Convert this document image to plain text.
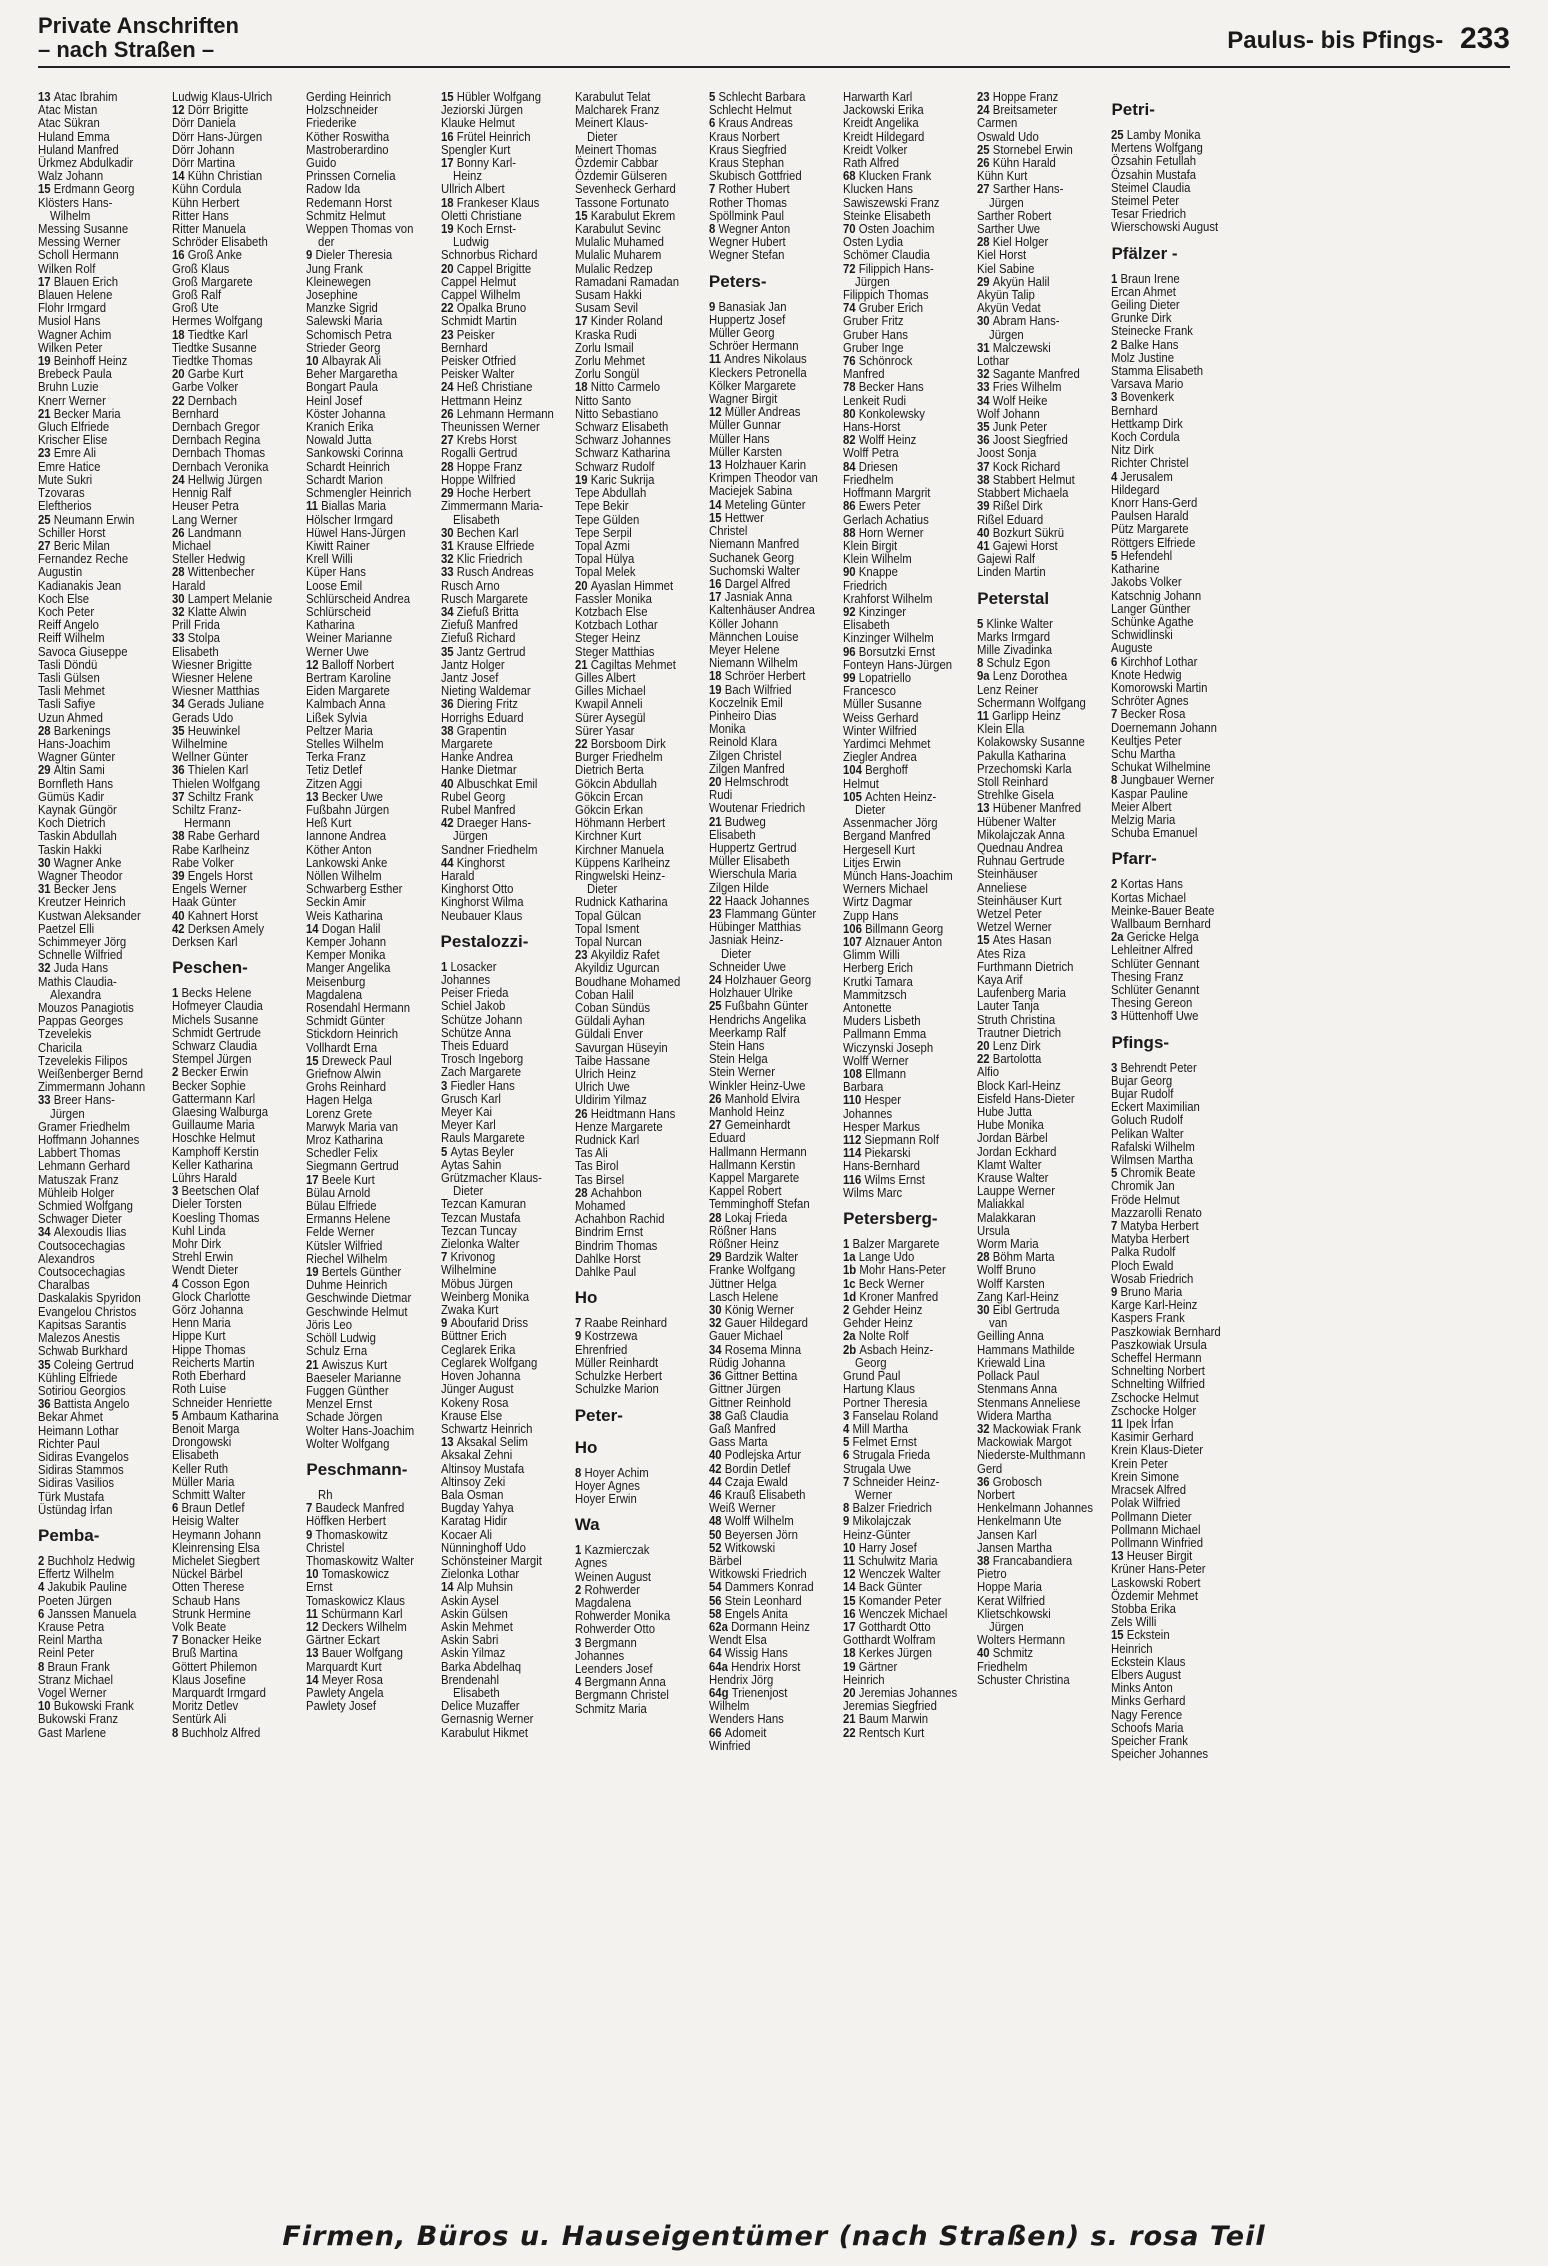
Private Anschriften
– nach Straßen –	Paulus- bis Pfings- 233
13 Atac Ibrahim
Atac Mistan
Atac Sükran
Huland Emma
Huland Manfred
Ürkmez Abdulkadir
Walz Johann
15 Erdmann Georg
Klösters Hans-
Wilhelm
Messing Susanne
Messing Werner
Scholl Hermann
Wilken Rolf
17 Blauen Erich
Blauen Helene
Flohr Irmgard
Musiol Hans
Wagner Achim
Wilken Peter
19 Beinhoff Heinz
Brebeck Paula
Bruhn Luzie
Knerr Werner
21 Becker Maria
Gluch Elfriede
Krischer Elise
23 Emre Ali
Emre Hatice
Mute Sukri
Tzovaras
Eleftherios
25 Neumann Erwin
Schiller Horst
27 Beric Milan
Fernandez Reche
Augustin
Kadianakis Jean
Koch Else
Koch Peter
Reiff Angelo
Reiff Wilhelm
Savoca Giuseppe
Tasli Döndü
Tasli Gülsen
Tasli Mehmet
Tasli Safiye
Uzun Ahmed
28 Barkenings
Hans-Joachim
Wagner Günter
29 Altin Sami
Bornfleth Hans
Gümüs Kadir
Kaynak Güngör
Koch Dietrich
Taskin Abdullah
Taskin Hakki
30 Wagner Anke
Wagner Theodor
31 Becker Jens
Kreutzer Heinrich
Kustwan Aleksander
Paetzel Elli
Schimmeyer Jörg
Schnelle Wilfried
32 Juda Hans
Mathis Claudia-
Alexandra
Mouzos Panagiotis
Pappas Georges
Tzevelekis
Charicila
Tzevelekis Filipos
Weißenberger Bernd
Zimmermann Johann
33 Breer Hans-
Jürgen
Gramer Friedhelm
Hoffmann Johannes
Labbert Thomas
Lehmann Gerhard
Matuszak Franz
Mühleib Holger
Schmied Wolfgang
Schwager Dieter
34 Alexoudis Ilias
Coutsocechagias
Alexandros
Coutsocechagias
Charalbas
Daskalakis Spyridon
Evangelou Christos
Kapitsas Sarantis
Malezos Anestis
Schwab Burkhard
35 Coleing Gertrud
Kühling Elfriede
Sotiriou Georgios
36 Battista Angelo
Bekar Ahmet
Heimann Lothar
Richter Paul
Sidiras Evangelos
Sidiras Stammos
Sidiras Vasilios
Türk Mustafa
Üstündag İrfan
Pemba-
2 Buchholz Hedwig
Effertz Wilhelm
4 Jakubik Pauline
Poeten Jürgen
6 Janssen Manuela
Krause Petra
Reinl Martha
Reinl Peter
8 Braun Frank
Stranz Michael
Vogel Werner
10 Bukowski Frank
Bukowski Franz
Gast Marlene
Ludwig Klaus-Ulrich
12 Dörr Brigitte
Dörr Daniela
Dörr Hans-Jürgen
Dörr Johann
Dörr Martina
14 Kühn Christian
Kühn Cordula
Kühn Herbert
Ritter Hans
Ritter Manuela
Schröder Elisabeth
16 Groß Anke
Groß Klaus
Groß Margarete
Groß Ralf
Groß Ute
Hermes Wolfgang
18 Tiedtke Karl
Tiedtke Susanne
Tiedtke Thomas
20 Garbe Kurt
Garbe Volker
22 Dernbach
Bernhard
Dernbach Gregor
Dernbach Regina
Dernbach Thomas
Dernbach Veronika
24 Hellwig Jürgen
Hennig Ralf
Heuser Petra
Lang Werner
26 Landmann
Michael
Steller Hedwig
28 Wittenbecher
Harald
30 Lampert Melanie
32 Klatte Alwin
Prill Frida
33 Stolpa
Elisabeth
Wiesner Brigitte
Wiesner Helene
Wiesner Matthias
34 Gerads Juliane
Gerads Udo
35 Heuwinkel
Wilhelmine
Wellner Günter
36 Thielen Karl
Thielen Wolfgang
37 Schiltz Frank
Schiltz Franz-
Hermann
38 Rabe Gerhard
Rabe Karlheinz
Rabe Volker
39 Engels Horst
Engels Werner
Haak Günter
40 Kahnert Horst
42 Derksen Amely
Derksen Karl
Peschen-
1 Becks Helene
Hofmeyer Claudia
Michels Susanne
Schmidt Gertrude
Schwarz Claudia
Stempel Jürgen
2 Becker Erwin
Becker Sophie
Gattermann Karl
Glaesing Walburga
Guillaume Maria
Hoschke Helmut
Kamphoff Kerstin
Keller Katharina
Lührs Harald
3 Beetschen Olaf
Dieler Torsten
Koesling Thomas
Kuhl Linda
Mohr Dirk
Strehl Erwin
Wendt Dieter
4 Cosson Egon
Glock Charlotte
Görz Johanna
Henn Maria
Hippe Kurt
Hippe Thomas
Reicherts Martin
Roth Eberhard
Roth Luise
Schneider Henriette
5 Ambaum Katharina
Benoit Marga
Drongowski
Elisabeth
Keller Ruth
Müller Maria
Schmitt Walter
6 Braun Detlef
Heisig Walter
Heymann Johann
Kleinrensing Elsa
Michelet Siegbert
Nückel Bärbel
Otten Therese
Schaub Hans
Strunk Hermine
Volk Beate
7 Bonacker Heike
Bruß Martina
Göttert Philemon
Klaus Josefine
Marquardt Irmgard
Moritz Detlev
Sentürk Ali
8 Buchholz Alfred
Gerding Heinrich
Holzschneider
Friederike
Köther Roswitha
Mastroberardino
Guido
Prinssen Cornelia
Radow Ida
Redemann Horst
Schmitz Helmut
Weppen Thomas von
der
9 Dieler Theresia
Jung Frank
Kleinewegen
Josephine
Manzke Sigrid
Salewski Maria
Schomisch Petra
Strieder Georg
10 Albayrak Ali
Beher Margaretha
Bongart Paula
Heinl Josef
Köster Johanna
Kranich Erika
Nowald Jutta
Sankowski Corinna
Schardt Heinrich
Schardt Marion
Schmengler Heinrich
11 Biallas Maria
Hölscher Irmgard
Hüwel Hans-Jürgen
Kiwitt Rainer
Krell Willi
Küper Hans
Loose Emil
Schlürscheid Andrea
Schlürscheid
Katharina
Weiner Marianne
Werner Uwe
12 Balloff Norbert
Bertram Karoline
Eiden Margarete
Kalmbach Anna
Lißek Sylvia
Peltzer Maria
Stelles Wilhelm
Terka Franz
Tetiz Detlef
Zitzen Aggi
13 Becker Uwe
Fußbahn Jürgen
Heß Kurt
Iannone Andrea
Köther Anton
Lankowski Anke
Nöllen Wilhelm
Schwarberg Esther
Seckin Amir
Weis Katharina
14 Dogan Halil
Kemper Johann
Kemper Monika
Manger Angelika
Meisenburg
Magdalena
Rosendahl Hermann
Schmidt Günter
Stickdorn Heinrich
Vollhardt Erna
15 Dreweck Paul
Griefnow Alwin
Grohs Reinhard
Hagen Helga
Lorenz Grete
Marwyk Maria van
Mroz Katharina
Schedler Felix
Siegmann Gertrud
17 Beele Kurt
Bülau Arnold
Bülau Elfriede
Ermanns Helene
Felde Werner
Kütsler Wilfried
Riechel Wilhelm
19 Bertels Günther
Duhme Heinrich
Geschwinde Dietmar
Geschwinde Helmut
Jöris Leo
Schöll Ludwig
Schulz Erna
21 Awiszus Kurt
Baeseler Marianne
Fuggen Günther
Menzel Ernst
Schade Jörgen
Wolter Hans-Joachim
Wolter Wolfgang
Peschmann-
Rh
7 Baudeck Manfred
Höffken Herbert
9 Thomaskowitz
Christel
Thomaskowitz Walter
10 Tomaskowicz
Ernst
Tomaskowicz Klaus
11 Schürmann Karl
12 Deckers Wilhelm
Gärtner Eckart
13 Bauer Wolfgang
Marquardt Kurt
14 Meyer Rosa
Pawlety Angela
Pawlety Josef
15 Hübler Wolfgang
Jeziorski Jürgen
Klauke Helmut
16 Frütel Heinrich
Spengler Kurt
17 Bonny Karl-
Heinz
Ullrich Albert
18 Frankeser Klaus
Oletti Christiane
19 Koch Ernst-
Ludwig
Schnorbus Richard
20 Cappel Brigitte
Cappel Helmut
Cappel Wilhelm
22 Opalka Bruno
Schmidt Martin
23 Peisker
Bernhard
Peisker Otfried
Peisker Walter
24 Heß Christiane
Hettmann Heinz
26 Lehmann Hermann
Theunissen Werner
27 Krebs Horst
Rogalli Gertrud
28 Hoppe Franz
Hoppe Wilfried
29 Hoche Herbert
Zimmermann Maria-
Elisabeth
30 Bechen Karl
31 Krause Elfriede
32 Klic Friedrich
33 Rusch Andreas
Rusch Arno
Rusch Margarete
34 Ziefuß Britta
Ziefuß Manfred
Ziefuß Richard
35 Jantz Gertrud
Jantz Holger
Jantz Josef
Nieting Waldemar
36 Diering Fritz
Horrighs Eduard
38 Grapentin
Margarete
Hanke Andrea
Hanke Dietmar
40 Albuschkat Emil
Rubel Georg
Rubel Manfred
42 Draeger Hans-
Jürgen
Sandner Friedhelm
44 Kinghorst
Harald
Kinghorst Otto
Kinghorst Wilma
Neubauer Klaus
Pestalozzi-
1 Losacker
Johannes
Peiser Frieda
Schiel Jakob
Schütze Johann
Schütze Anna
Theis Eduard
Trosch Ingeborg
Zach Margarete
3 Fiedler Hans
Grusch Karl
Meyer Kai
Meyer Karl
Rauls Margarete
5 Aytas Beyler
Aytas Sahin
Grützmacher Klaus-
Dieter
Tezcan Kamuran
Tezcan Mustafa
Tezcan Tuncay
Zielonka Walter
7 Krivonog
Wilhelmine
Möbus Jürgen
Weinberg Monika
Zwaka Kurt
9 Aboufarid Driss
Büttner Erich
Ceglarek Erika
Ceglarek Wolfgang
Hoven Johanna
Jünger August
Kokeny Rosa
Krause Else
Schwartz Heinrich
13 Aksakal Selim
Aksakal Zehni
Altinsoy Mustafa
Altinsoy Zeki
Bala Osman
Bugday Yahya
Karatag Hidir
Kocaer Ali
Nünninghoff Udo
Schönsteiner Margit
Zielonka Lothar
14 Alp Muhsin
Askin Aysel
Askin Gülsen
Askin Mehmet
Askin Sabri
Askin Yilmaz
Barka Abdelhaq
Brendenahl
Elisabeth
Delice Muzaffer
Gernasnig Werner
Karabulut Hikmet
Karabulut Telat
Malcharek Franz
Meinert Klaus-
Dieter
Meinert Thomas
Özdemir Cabbar
Özdemir Gülseren
Sevenheck Gerhard
Tassone Fortunato
15 Karabulut Ekrem
Karabulut Sevinc
Mulalic Muhamed
Mulalic Muharem
Mulalic Redzep
Ramadani Ramadan
Susam Hakki
Susam Sevil
17 Kinder Roland
Kraska Rudi
Zorlu Ismail
Zorlu Mehmet
Zorlu Songül
18 Nitto Carmelo
Nitto Santo
Nitto Sebastiano
Schwarz Elisabeth
Schwarz Johannes
Schwarz Katharina
Schwarz Rudolf
19 Karic Sukrija
Tepe Abdullah
Tepe Bekir
Tepe Gülden
Tepe Serpil
Topal Azmi
Topal Hülya
Topal Melek
20 Ayaslan Himmet
Fassler Monika
Kotzbach Else
Kotzbach Lothar
Steger Heinz
Steger Matthias
21 Cagiltas Mehmet
Gilles Albert
Gilles Michael
Kwapil Anneli
Sürer Aysegül
Sürer Yasar
22 Borsboom Dirk
Burger Friedhelm
Dietrich Berta
Gökcin Abdullah
Gökcin Ercan
Gökcin Erkan
Höhmann Herbert
Kirchner Kurt
Kirchner Manuela
Küppens Karlheinz
Ringwelski Heinz-
Dieter
Rudnick Katharina
Topal Gülcan
Topal Isment
Topal Nurcan
23 Akyildiz Rafet
Akyildiz Ugurcan
Boudhane Mohamed
Coban Halil
Coban Sündüs
Güldali Ayhan
Güldali Enver
Savurgan Hüseyin
Taibe Hassane
Ulrich Heinz
Ulrich Uwe
Uldirim Yilmaz
26 Heidtmann Hans
Henze Margarete
Rudnick Karl
Tas Ali
Tas Birol
Tas Birsel
28 Achahbon
Mohamed
Achahbon Rachid
Bindrim Ernst
Bindrim Thomas
Dahlke Horst
Dahlke Paul
Ho
7 Raabe Reinhard
9 Kostrzewa
Ehrenfried
Müller Reinhardt
Schulzke Herbert
Schulzke Marion
Peter-
Ho
8 Hoyer Achim
Hoyer Agnes
Hoyer Erwin
Wa
1 Kazmierczak
Agnes
Weinen August
2 Rohwerder
Magdalena
Rohwerder Monika
Rohwerder Otto
3 Bergmann
Johannes
Leenders Josef
4 Bergmann Anna
Bergmann Christel
Schmitz Maria
5 Schlecht Barbara
Schlecht Helmut
6 Kraus Andreas
Kraus Norbert
Kraus Siegfried
Kraus Stephan
Skubisch Gottfried
7 Rother Hubert
Rother Thomas
Spöllmink Paul
8 Wegner Anton
Wegner Hubert
Wegner Stefan
Peters-
9 Banasiak Jan
Huppertz Josef
Müller Georg
Schröer Hermann
11 Andres Nikolaus
Kleckers Petronella
Kölker Margarete
Wagner Birgit
12 Müller Andreas
Müller Gunnar
Müller Hans
Müller Karsten
13 Holzhauer Karin
Krimpen Theodor van
Maciejek Sabina
14 Meteling Günter
15 Hettwer
Christel
Niemann Manfred
Suchanek Georg
Suchomski Walter
16 Dargel Alfred
17 Jasniak Anna
Kaltenhäuser Andrea
Köller Johann
Männchen Louise
Meyer Helene
Niemann Wilhelm
18 Schröer Herbert
19 Bach Wilfried
Koczelnik Emil
Pinheiro Dias
Monika
Reinold Klara
Zilgen Christel
Zilgen Manfred
20 Helmschrodt
Rudi
Woutenar Friedrich
21 Budweg
Elisabeth
Huppertz Gertrud
Müller Elisabeth
Wierschula Maria
Zilgen Hilde
22 Haack Johannes
23 Flammang Günter
Hübinger Matthias
Jasniak Heinz-
Dieter
Schneider Uwe
24 Holzhauer Georg
Holzhauer Ulrike
25 Fußbahn Günter
Hendrichs Angelika
Meerkamp Ralf
Stein Hans
Stein Helga
Stein Werner
Winkler Heinz-Uwe
26 Manhold Elvira
Manhold Heinz
27 Gemeinhardt
Eduard
Hallmann Hermann
Hallmann Kerstin
Kappel Margarete
Kappel Robert
Temminghoff Stefan
28 Lokaj Frieda
Rößner Hans
Rößner Heinz
29 Bardzik Walter
Franke Wolfgang
Jüttner Helga
Lasch Helene
30 König Werner
32 Gauer Hildegard
Gauer Michael
34 Rosema Minna
Rüdig Johanna
36 Gittner Bettina
Gittner Jürgen
Gittner Reinhold
38 Gaß Claudia
Gaß Manfred
Gass Marta
40 Podlejska Artur
42 Bordin Detlef
44 Czaja Ewald
46 Krauß Elisabeth
Weiß Werner
48 Wolff Wilhelm
50 Beyersen Jörn
52 Witkowski
Bärbel
Witkowski Friedrich
54 Dammers Konrad
56 Stein Leonhard
58 Engels Anita
62a Dormann Heinz
Wendt Elsa
64 Wissig Hans
64a Hendrix Horst
Hendrix Jörg
64g Trienenjost
Wilhelm
Wenders Hans
66 Adomeit
Winfried
Harwarth Karl
Jackowski Erika
Kreidt Angelika
Kreidt Hildegard
Kreidt Volker
Rath Alfred
68 Klucken Frank
Klucken Hans
Sawiszewski Franz
Steinke Elisabeth
70 Osten Joachim
Osten Lydia
Schömer Claudia
72 Filippich Hans-
Jürgen
Filippich Thomas
74 Gruber Erich
Gruber Fritz
Gruber Hans
Gruber Inge
76 Schönrock
Manfred
78 Becker Hans
Lenkeit Rudi
80 Konkolewsky
Hans-Horst
82 Wolff Heinz
Wolff Petra
84 Driesen
Friedhelm
Hoffmann Margrit
86 Ewers Peter
Gerlach Achatius
88 Horn Werner
Klein Birgit
Klein Wilhelm
90 Knappe
Friedrich
Krahforst Wilhelm
92 Kinzinger
Elisabeth
Kinzinger Wilhelm
96 Borsutzki Ernst
Fonteyn Hans-Jürgen
99 Lopatriello
Francesco
Müller Susanne
Weiss Gerhard
Winter Wilfried
Yardimci Mehmet
Ziegler Andrea
104 Berghoff
Helmut
105 Achten Heinz-
Dieter
Assenmacher Jörg
Bergand Manfred
Hergesell Kurt
Litjes Erwin
Münch Hans-Joachim
Werners Michael
Wirtz Dagmar
Zupp Hans
106 Billmann Georg
107 Alznauer Anton
Glimm Willi
Herberg Erich
Krutki Tamara
Mammitzsch
Antonette
Muders Lisbeth
Pallmann Emma
Wiczynski Joseph
Wolff Werner
108 Ellmann
Barbara
110 Hesper
Johannes
Hesper Markus
112 Siepmann Rolf
114 Piekarski
Hans-Bernhard
116 Wilms Ernst
Wilms Marc
Petersberg-
1 Balzer Margarete
1a Lange Udo
1b Mohr Hans-Peter
1c Beck Werner
1d Kroner Manfred
2 Gehder Heinz
Gehder Heinz
2a Nolte Rolf
2b Asbach Heinz-
Georg
Grund Paul
Hartung Klaus
Portner Theresia
3 Fanselau Roland
4 Mill Martha
5 Felmet Ernst
6 Strugala Frieda
Strugala Uwe
7 Schneider Heinz-
Werner
8 Balzer Friedrich
9 Mikolajczak
Heinz-Günter
10 Harry Josef
11 Schulwitz Maria
12 Wenczek Walter
14 Back Günter
15 Komander Peter
16 Wenczek Michael
17 Gotthardt Otto
Gotthardt Wolfram
18 Kerkes Jürgen
19 Gärtner
Heinrich
20 Jeremias Johannes
Jeremias Siegfried
21 Baum Marwin
22 Rentsch Kurt
23 Hoppe Franz
24 Breitsameter
Carmen
Oswald Udo
25 Stornebel Erwin
26 Kühn Harald
Kühn Kurt
27 Sarther Hans-
Jürgen
Sarther Robert
Sarther Uwe
28 Kiel Holger
Kiel Horst
Kiel Sabine
29 Akyün Halil
Akyün Talip
Akyün Vedat
30 Abram Hans-
Jürgen
31 Malczewski
Lothar
32 Sagante Manfred
33 Fries Wilhelm
34 Wolf Heike
Wolf Johann
35 Junk Peter
36 Joost Siegfried
Joost Sonja
37 Kock Richard
38 Stabbert Helmut
Stabbert Michaela
39 Rißel Dirk
Rißel Eduard
40 Bozkurt Sükrü
41 Gajewi Horst
Gajewi Ralf
Linden Martin
Peterstal
5 Klinke Walter
Marks Irmgard
Mille Zivadinka
8 Schulz Egon
9a Lenz Dorothea
Lenz Reiner
Schermann Wolfgang
11 Garlipp Heinz
Klein Ella
Kolakowsky Susanne
Pakulla Katharina
Przechomski Karla
Stoll Reinhard
Strehlke Gisela
13 Hübener Manfred
Hübener Walter
Mikolajczak Anna
Quednau Andrea
Ruhnau Gertrude
Steinhäuser
Anneliese
Steinhäuser Kurt
Wetzel Peter
Wetzel Werner
15 Ates Hasan
Ates Riza
Furthmann Dietrich
Kaya Arif
Laufenberg Maria
Lauter Tanja
Struth Christina
Trautner Dietrich
20 Lenz Dirk
22 Bartolotta
Alfio
Block Karl-Heinz
Eisfeld Hans-Dieter
Hube Jutta
Hube Monika
Jordan Bärbel
Jordan Eckhard
Klamt Walter
Krause Walter
Lauppe Werner
Maliakkal
Malakkaran
Ursula
Worm Maria
28 Böhm Marta
Wolff Bruno
Wolff Karsten
Zang Karl-Heinz
30 Eibl Gertruda
van
Geilling Anna
Hammans Mathilde
Kriewald Lina
Pollack Paul
Stenmans Anna
Stenmans Anneliese
Widera Martha
32 Mackowiak Frank
Mackowiak Margot
Niederste-Multhmann
Gerd
36 Grobosch
Norbert
Henkelmann Johannes
Henkelmann Ute
Jansen Karl
Jansen Martha
38 Francabandiera
Pietro
Hoppe Maria
Kerat Wilfried
Klietschkowski
Jürgen
Wolters Hermann
40 Schmitz
Friedhelm
Schuster Christina
Petri-
25 Lamby Monika
Mertens Wolfgang
Özsahin Fetullah
Özsahin Mustafa
Steimel Claudia
Steimel Peter
Tesar Friedrich
Wierschowski August
Pfälzer -
1 Braun Irene
Ercan Ahmet
Geiling Dieter
Grunke Dirk
Steinecke Frank
2 Balke Hans
Molz Justine
Stamma Elisabeth
Varsava Mario
3 Bovenkerk
Bernhard
Hettkamp Dirk
Koch Cordula
Nitz Dirk
Richter Christel
4 Jerusalem
Hildegard
Knorr Hans-Gerd
Paulsen Harald
Pütz Margarete
Röttgers Elfriede
5 Hefendehl
Katharine
Jakobs Volker
Katschnig Johann
Langer Günther
Schünke Agathe
Schwidlinski
Auguste
6 Kirchhof Lothar
Knote Hedwig
Komorowski Martin
Schröter Agnes
7 Becker Rosa
Doernemann Johann
Keultjes Peter
Schu Martha
Schukat Wilhelmine
8 Jungbauer Werner
Kaspar Pauline
Meier Albert
Melzig Maria
Schuba Emanuel
Pfarr-
2 Kortas Hans
Kortas Michael
Meinke-Bauer Beate
Wallbaum Bernhard
2a Gericke Helga
Lehleitner Alfred
Schlüter Gennant
Thesing Franz
Schlüter Genannt
Thesing Gereon
3 Hüttenhoff Uwe
Pfings-
3 Behrendt Peter
Bujar Georg
Bujar Rudolf
Eckert Maximilian
Goluch Rudolf
Pelikan Walter
Rafalski Wilhelm
Wilmsen Martha
5 Chromik Beate
Chromik Jan
Fröde Helmut
Mazzarolli Renato
7 Matyba Herbert
Matyba Herbert
Palka Rudolf
Ploch Ewald
Wosab Friedrich
9 Bruno Maria
Karge Karl-Heinz
Kaspers Frank
Paszkowiak Bernhard
Paszkowiak Ursula
Scheffel Hermann
Schnelting Norbert
Schnelting Wilfried
Zschocke Helmut
Zschocke Holger
11 Ipek İrfan
Kasimir Gerhard
Krein Klaus-Dieter
Krein Peter
Krein Simone
Mracsek Alfred
Polak Wilfried
Pollmann Dieter
Pollmann Michael
Pollmann Winfried
13 Heuser Birgit
Krüner Hans-Peter
Laskowski Robert
Özdemir Mehmet
Stobba Erika
Zels Willi
15 Eckstein
Heinrich
Eckstein Klaus
Elbers August
Minks Anton
Minks Gerhard
Nagy Ference
Schoofs Maria
Speicher Frank
Speicher Johannes
Firmen, Büros u. Hauseigentümer (nach Straßen) s. rosa Teil
